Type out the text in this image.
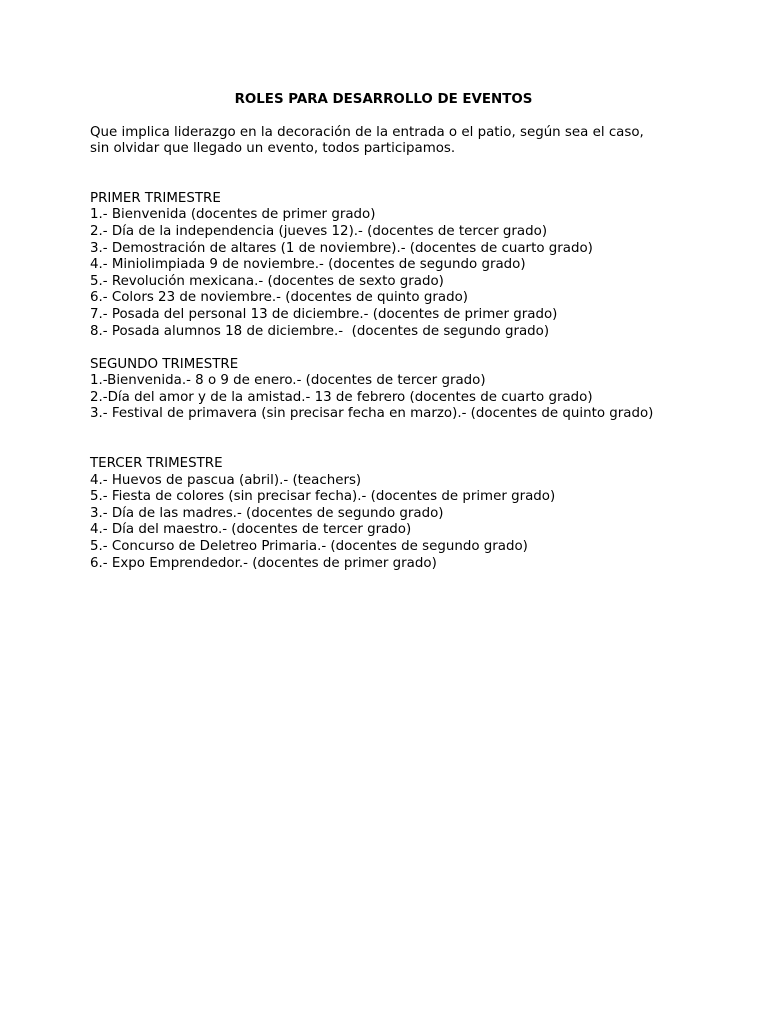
ROLES PARA DESARROLLO DE EVENTOS
Que implica liderazgo en la decoración de la entrada o el patio, según sea el caso,
sin olvidar que llegado un evento, todos participamos.
PRIMER TRIMESTRE
1.- Bienvenida (docentes de primer grado)
2.- Día de la independencia (jueves 12).- (docentes de tercer grado)
3.- Demostración de altares (1 de noviembre).- (docentes de cuarto grado)
4.- Miniolimpiada 9 de noviembre.- (docentes de segundo grado)
5.- Revolución mexicana.- (docentes de sexto grado)
6.- Colors 23 de noviembre.- (docentes de quinto grado)
7.- Posada del personal 13 de diciembre.- (docentes de primer grado)
8.- Posada alumnos 18 de diciembre.-  (docentes de segundo grado)
SEGUNDO TRIMESTRE
1.-Bienvenida.- 8 o 9 de enero.- (docentes de tercer grado)
2.-Día del amor y de la amistad.- 13 de febrero (docentes de cuarto grado)
3.- Festival de primavera (sin precisar fecha en marzo).- (docentes de quinto grado)
TERCER TRIMESTRE
4.- Huevos de pascua (abril).- (teachers)
5.- Fiesta de colores (sin precisar fecha).- (docentes de primer grado)
3.- Día de las madres.- (docentes de segundo grado)
4.- Día del maestro.- (docentes de tercer grado)
5.- Concurso de Deletreo Primaria.- (docentes de segundo grado)
6.- Expo Emprendedor.- (docentes de primer grado)
